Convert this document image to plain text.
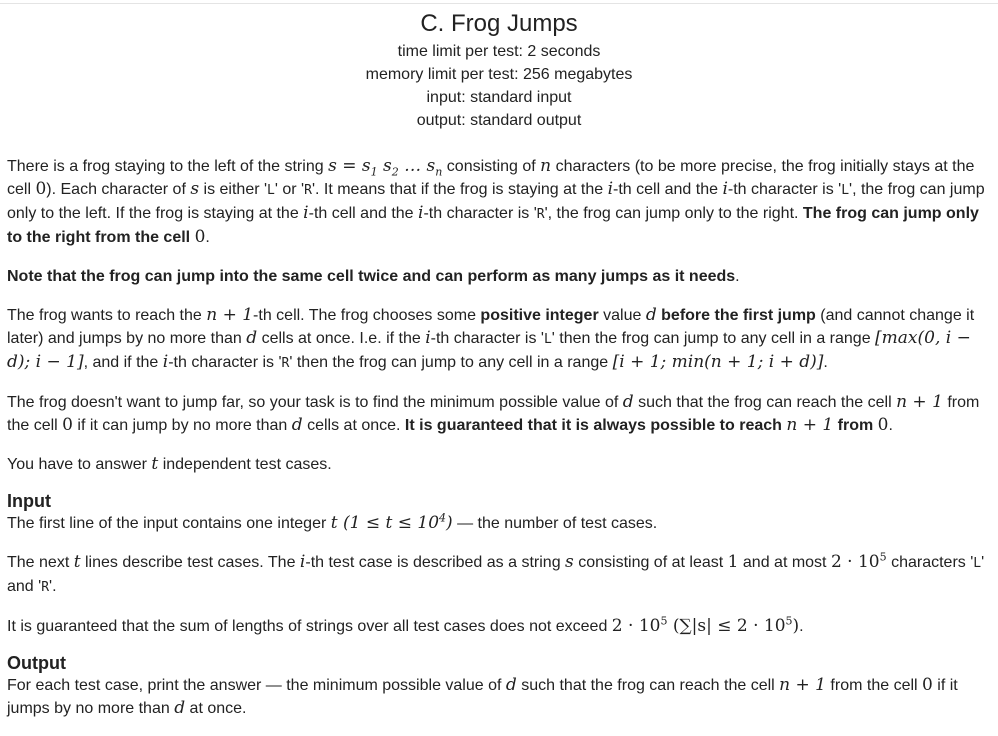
C. Frog Jumps
time limit per test: 2 seconds
memory limit per test: 256 megabytes
input: standard input
output: standard output

There is a frog staying to the left of the string $s = s_1$ $s_2$ … $s_n$ consisting of n characters (to be more precise, the frog initially stays at the cell 0). Each character of s is either 'L' or 'R'. It means that if the frog is staying at the i-th cell and the i-th character is 'L', the frog can jump only to the left. If the frog is staying at the i-th cell and the i-th character is 'R', the frog can jump only to the right. The frog can jump only to the right from the cell 0.

Note that the frog can jump into the same cell twice and can perform as many jumps as it needs.

The frog wants to reach the n + 1-th cell. The frog chooses some positive integer value d before the first jump (and cannot change it later) and jumps by no more than d cells at once. I.e. if the i-th character is 'L' then the frog can jump to any cell in a range [max(0, i − d); i − 1], and if the i-th character is 'R' then the frog can jump to any cell in a range [i + 1; min(n + 1; i + d)].

The frog doesn't want to jump far, so your task is to find the minimum possible value of d such that the frog can reach the cell n + 1 from the cell 0 if it can jump by no more than d cells at once. It is guaranteed that it is always possible to reach n + 1 from 0.

You have to answer t independent test cases.

Input

The first line of the input contains one integer t $(1 \le t \le 10^4)$ — the number of test cases.

The next t lines describe test cases. The i-th test case is described as a string s consisting of at least 1 and at most $2 \cdot 10^5$ characters 'L' and 'R'.

It is guaranteed that the sum of lengths of strings over all test cases does not exceed $2 \cdot 10^5$ $(\sum|s| \le 2 \cdot 10^5)$.

Output

For each test case, print the answer — the minimum possible value of d such that the frog can reach the cell n + 1 from the cell 0 if it jumps by no more than d at once.
